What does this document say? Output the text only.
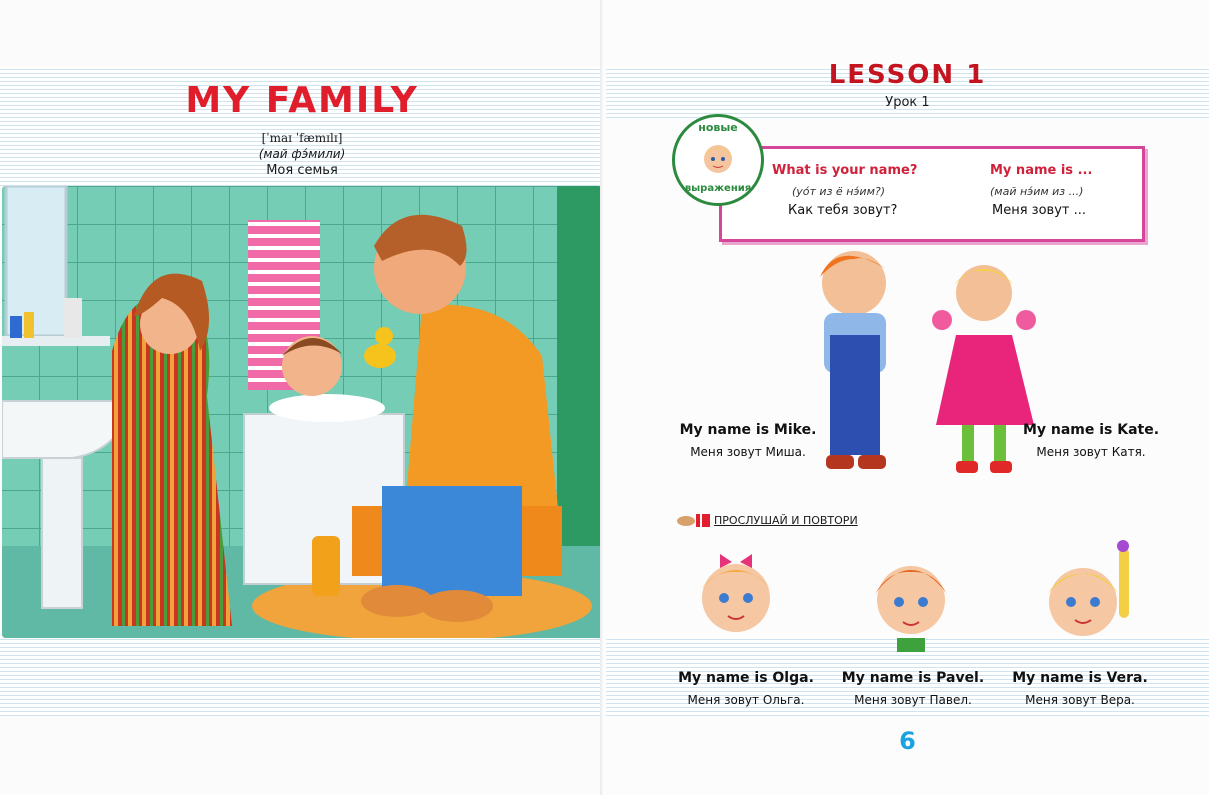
MY FAMILY
[ˈmaɪ ˈfæmɪlɪ]
(май фэ́мили)
Моя семья
LESSON 1
Урок 1
What is your name?
(уо́т из ё нэ́им?)
Как тебя зовут?
My name is ...
(май нэ́им из ...)
Меня зовут ...
новые
выражения
My name is Mike.
Меня зовут Миша.
My name is Kate.
Меня зовут Катя.
ПРОСЛУШАЙ И ПОВТОРИ
My name is Olga.
Меня зовут Ольга.
My name is Pavel.
Меня зовут Павел.
My name is Vera.
Меня зовут Вера.
6
